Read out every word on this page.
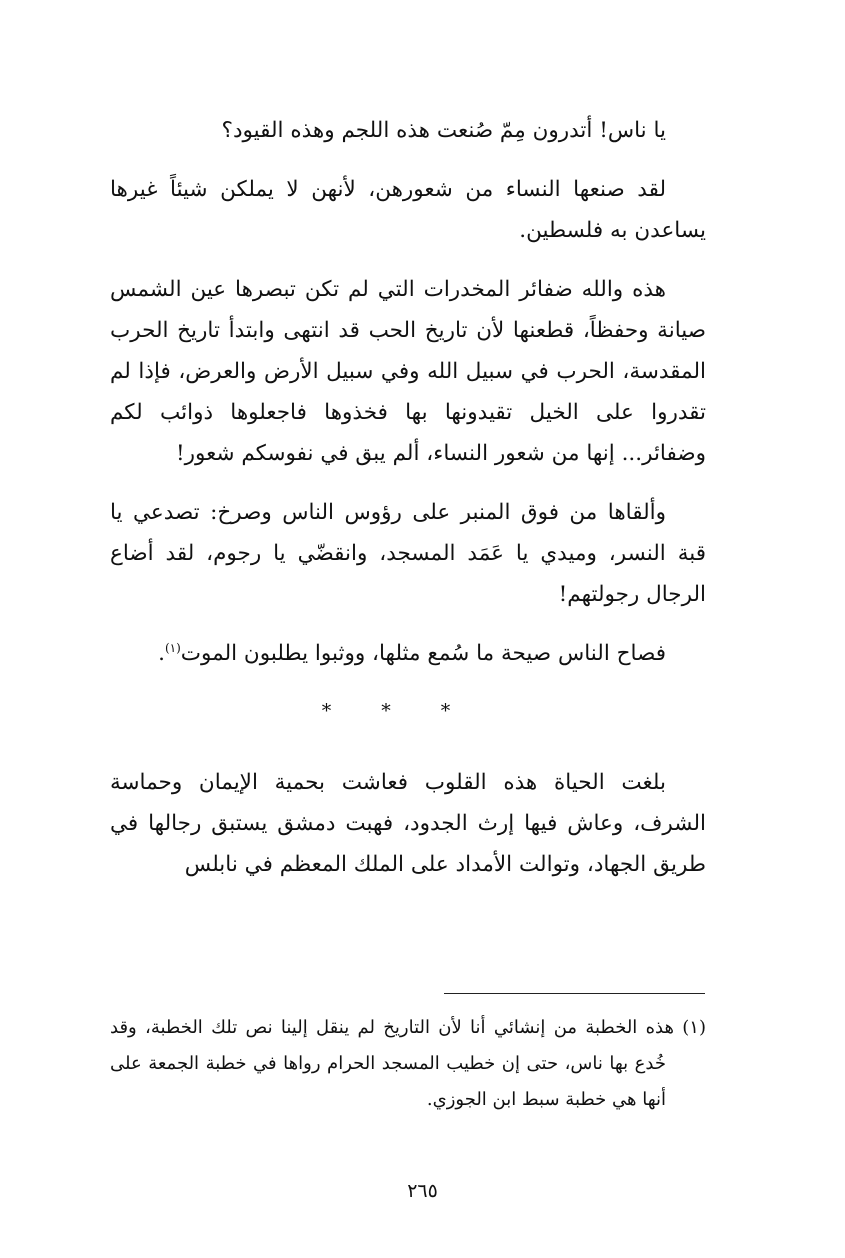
يا ناس! أتدرون مِمّ صُنعت هذه اللجم وهذه القيود؟

لقد صنعها النساء من شعورهن، لأنهن لا يملكن شيئاً غيرها يساعدن به فلسطين.

هذه والله ضفائر المخدرات التي لم تكن تبصرها عين الشمس صيانة وحفظاً، قطعنها لأن تاريخ الحب قد انتهى وابتدأ تاريخ الحرب المقدسة، الحرب في سبيل الله وفي سبيل الأرض والعرض، فإذا لم تقدروا على الخيل تقيدونها بها فخذوها فاجعلوها ذوائب لكم وضفائر... إنها من شعور النساء، ألم يبق في نفوسكم شعور!

وألقاها من فوق المنبر على رؤوس الناس وصرخ: تصدعي يا قبة النسر، وميدي يا عَمَد المسجد، وانقضّي يا رجوم، لقد أضاع الرجال رجولتهم!

فصاح الناس صيحة ما سُمع مثلها، ووثبوا يطلبون الموت$^{(١)}$.

* * *

بلغت الحياة هذه القلوب فعاشت بحمية الإيمان وحماسة الشرف، وعاش فيها إرث الجدود، فهبت دمشق يستبق رجالها في طريق الجهاد، وتوالت الأمداد على الملك المعظم في نابلس

(١) هذه الخطبة من إنشائي أنا لأن التاريخ لم ينقل إلينا نص تلك الخطبة، وقد خُدع بها ناس، حتى إن خطيب المسجد الحرام رواها في خطبة الجمعة على أنها هي خطبة سبط ابن الجوزي.

٢٦٥
